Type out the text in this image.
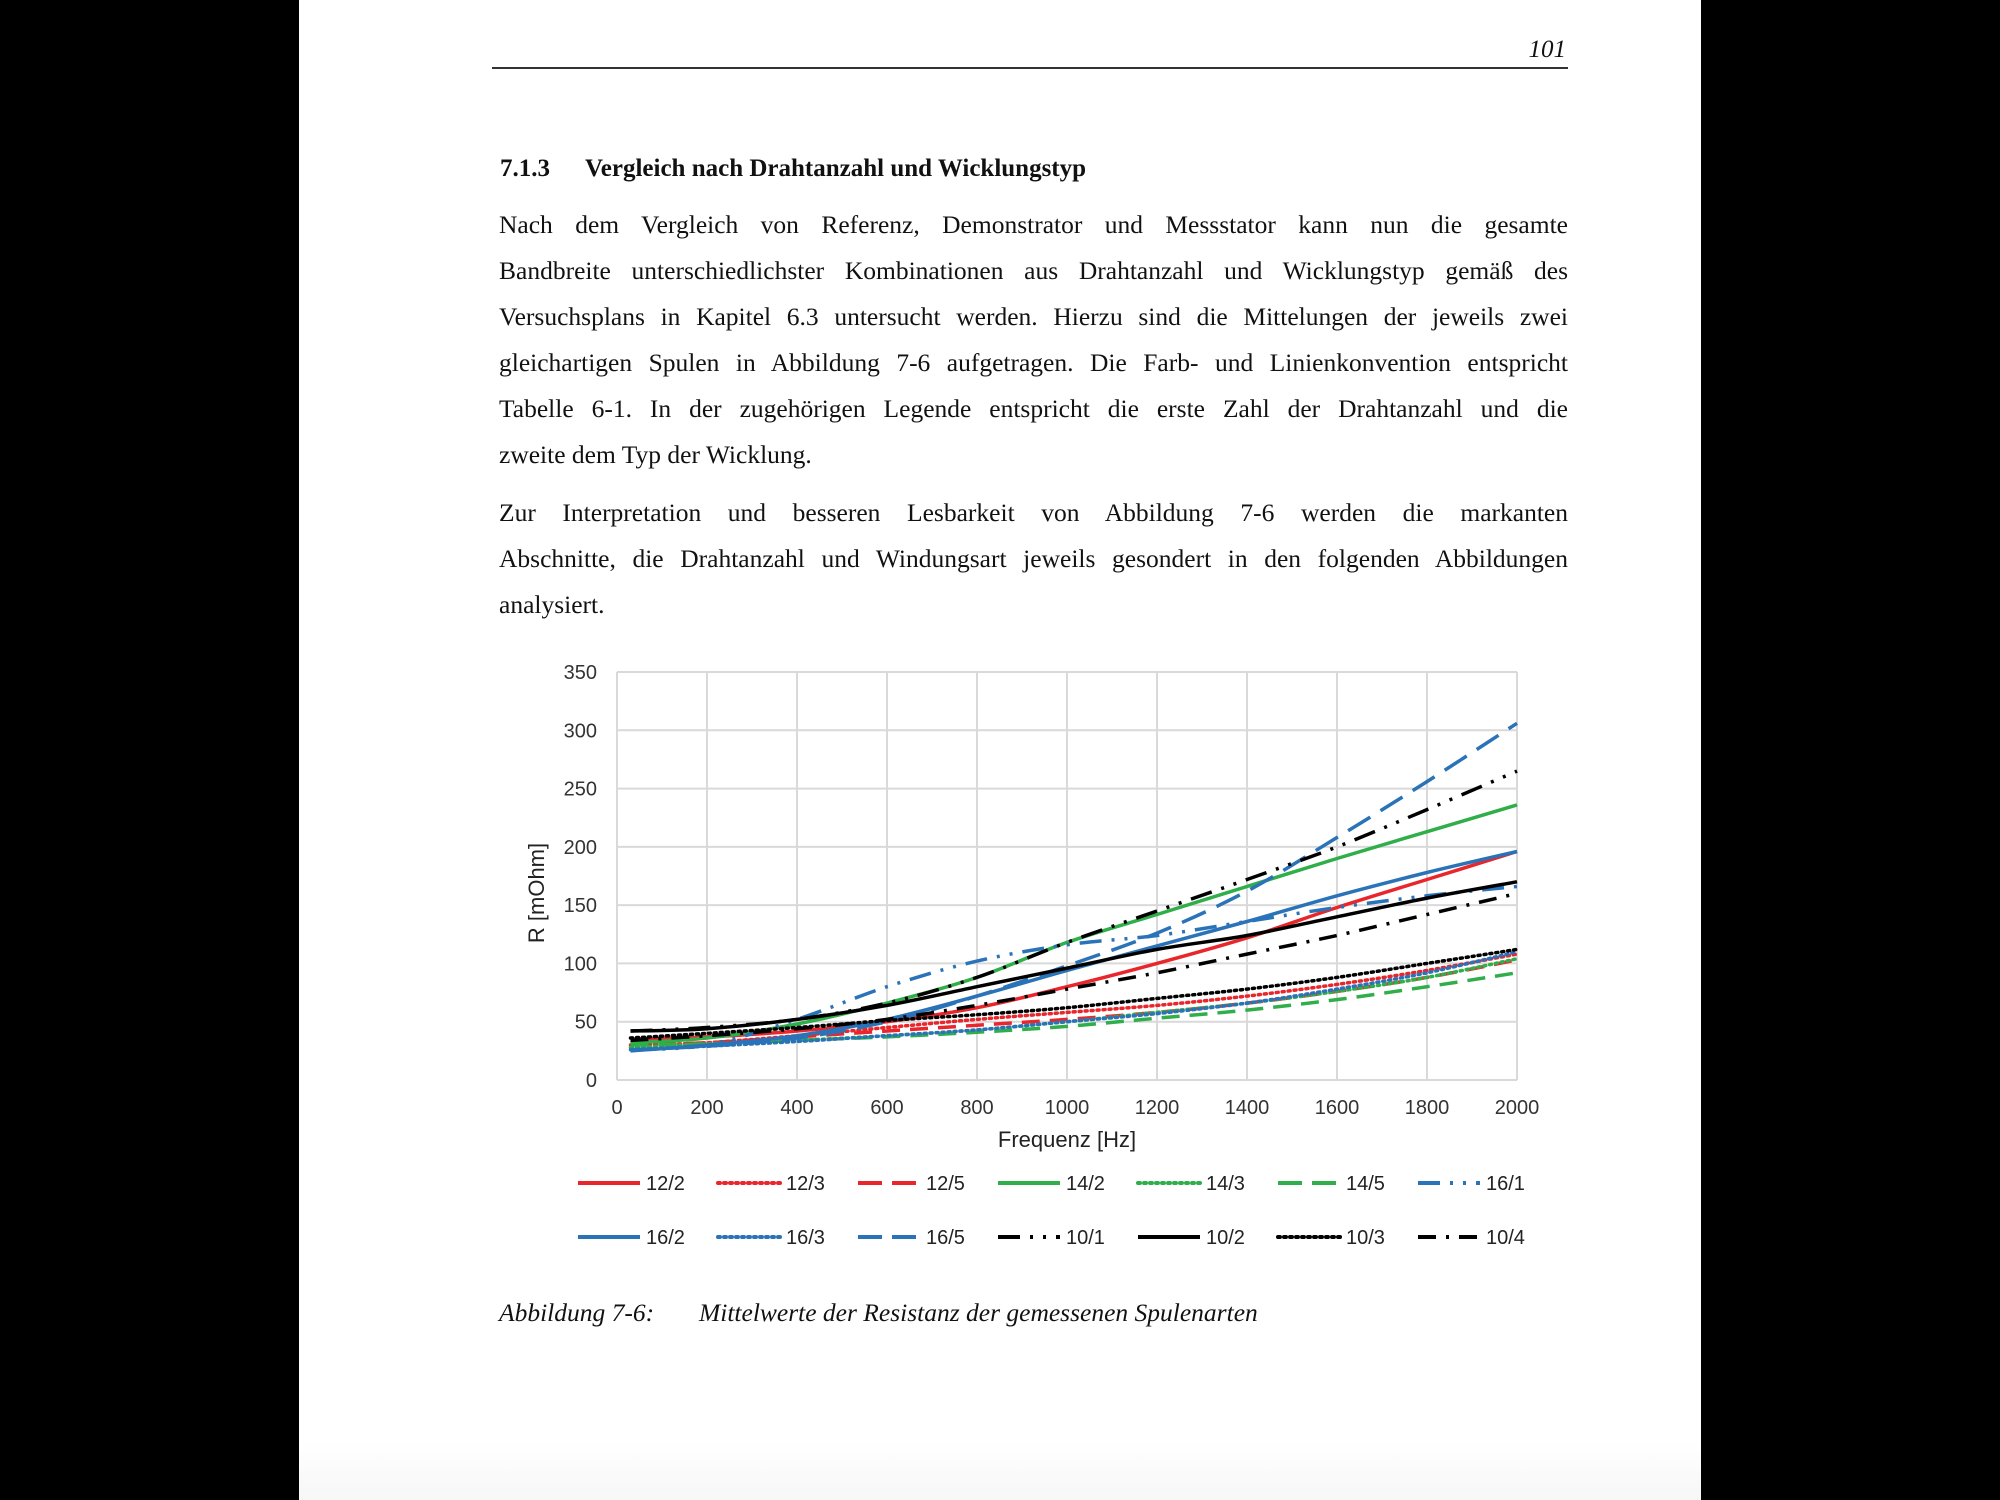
101
7.1.3 Vergleich nach Drahtanzahl und Wicklungstyp
Nach dem Vergleich von Referenz, Demonstrator und Messstator kann nun die gesamte
Bandbreite unterschiedlichster Kombinationen aus Drahtanzahl und Wicklungstyp gemäß des
Versuchsplans in Kapitel 6.3 untersucht werden. Hierzu sind die Mittelungen der jeweils zwei
gleichartigen Spulen in Abbildung 7-6 aufgetragen. Die Farb- und Linienkonvention entspricht
Tabelle 6-1. In der zugehörigen Legende entspricht die erste Zahl der Drahtanzahl und die
zweite dem Typ der Wicklung.
Zur Interpretation und besseren Lesbarkeit von Abbildung 7-6 werden die markanten
Abschnitte, die Drahtanzahl und Windungsart jeweils gesondert in den folgenden Abbildungen
analysiert.
0	200	400	600	800	1000 1200 1400 1600 1800 2000
0
50
100
150
200
250
300
350
Frequenz [Hz]
R [mOhm]
12/2	12/3	12/5	14/2	14/3	14/5	16/1
16/2	16/3	16/5	10/1	10/2	10/3	10/4
Abbildung 7-6: Mittelwerte der Resistanz der gemessenen Spulenarten
